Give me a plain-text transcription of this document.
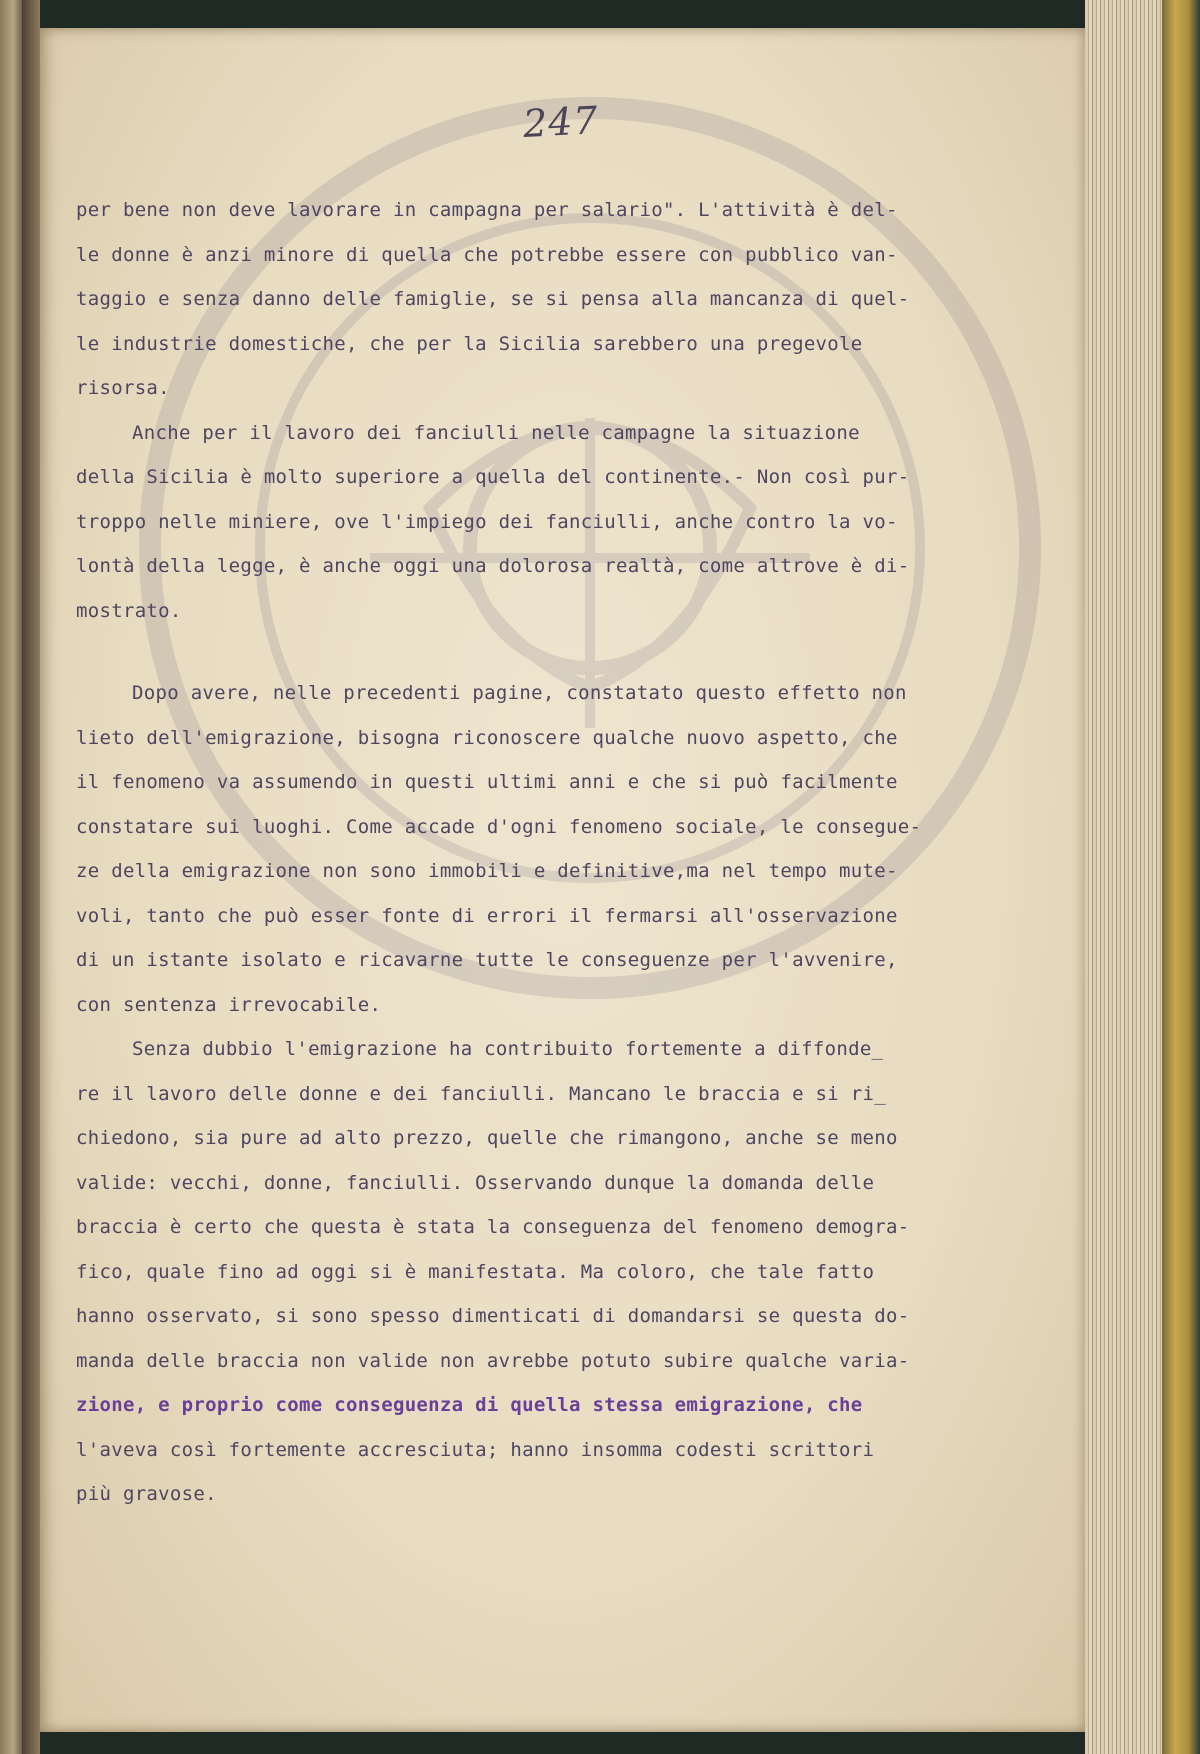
247
per bene non deve lavorare in campagna per salario". L'attività è del-
le donne è anzi minore di quella che potrebbe essere con pubblico van-
taggio e senza danno delle famiglie, se si pensa alla mancanza di quel-
le industrie domestiche, che per la Sicilia sarebbero una pregevole
risorsa.
Anche per il lavoro dei fanciulli nelle campagne la situazione
della Sicilia è molto superiore a quella del continente.- Non così pur-
troppo nelle miniere, ove l'impiego dei fanciulli, anche contro la vo-
lontà della legge, è anche oggi una dolorosa realtà, come altrove è di-
mostrato.
Dopo avere, nelle precedenti pagine, constatato questo effetto non
lieto dell'emigrazione, bisogna riconoscere qualche nuovo aspetto, che
il fenomeno va assumendo in questi ultimi anni e che si può facilmente
constatare sui luoghi. Come accade d'ogni fenomeno sociale, le consegue-
ze della emigrazione non sono immobili e definitive,ma nel tempo mute-
voli, tanto che può esser fonte di errori il fermarsi all'osservazione
di un istante isolato e ricavarne tutte le conseguenze per l'avvenire,
con sentenza irrevocabile.
Senza dubbio l'emigrazione ha contribuito fortemente a diffonde_
re il lavoro delle donne e dei fanciulli. Mancano le braccia e si ri_
chiedono, sia pure ad alto prezzo, quelle che rimangono, anche se meno
valide: vecchi, donne, fanciulli. Osservando dunque la domanda delle
braccia è certo che questa è stata la conseguenza del fenomeno demogra-
fico, quale fino ad oggi si è manifestata. Ma coloro, che tale fatto
hanno osservato, si sono spesso dimenticati di domandarsi se questa do-
manda delle braccia non valide non avrebbe potuto subire qualche varia-
zione, e proprio come conseguenza di quella stessa emigrazione, che
l'aveva così fortemente accresciuta; hanno insomma codesti scrittori
più gravose.
